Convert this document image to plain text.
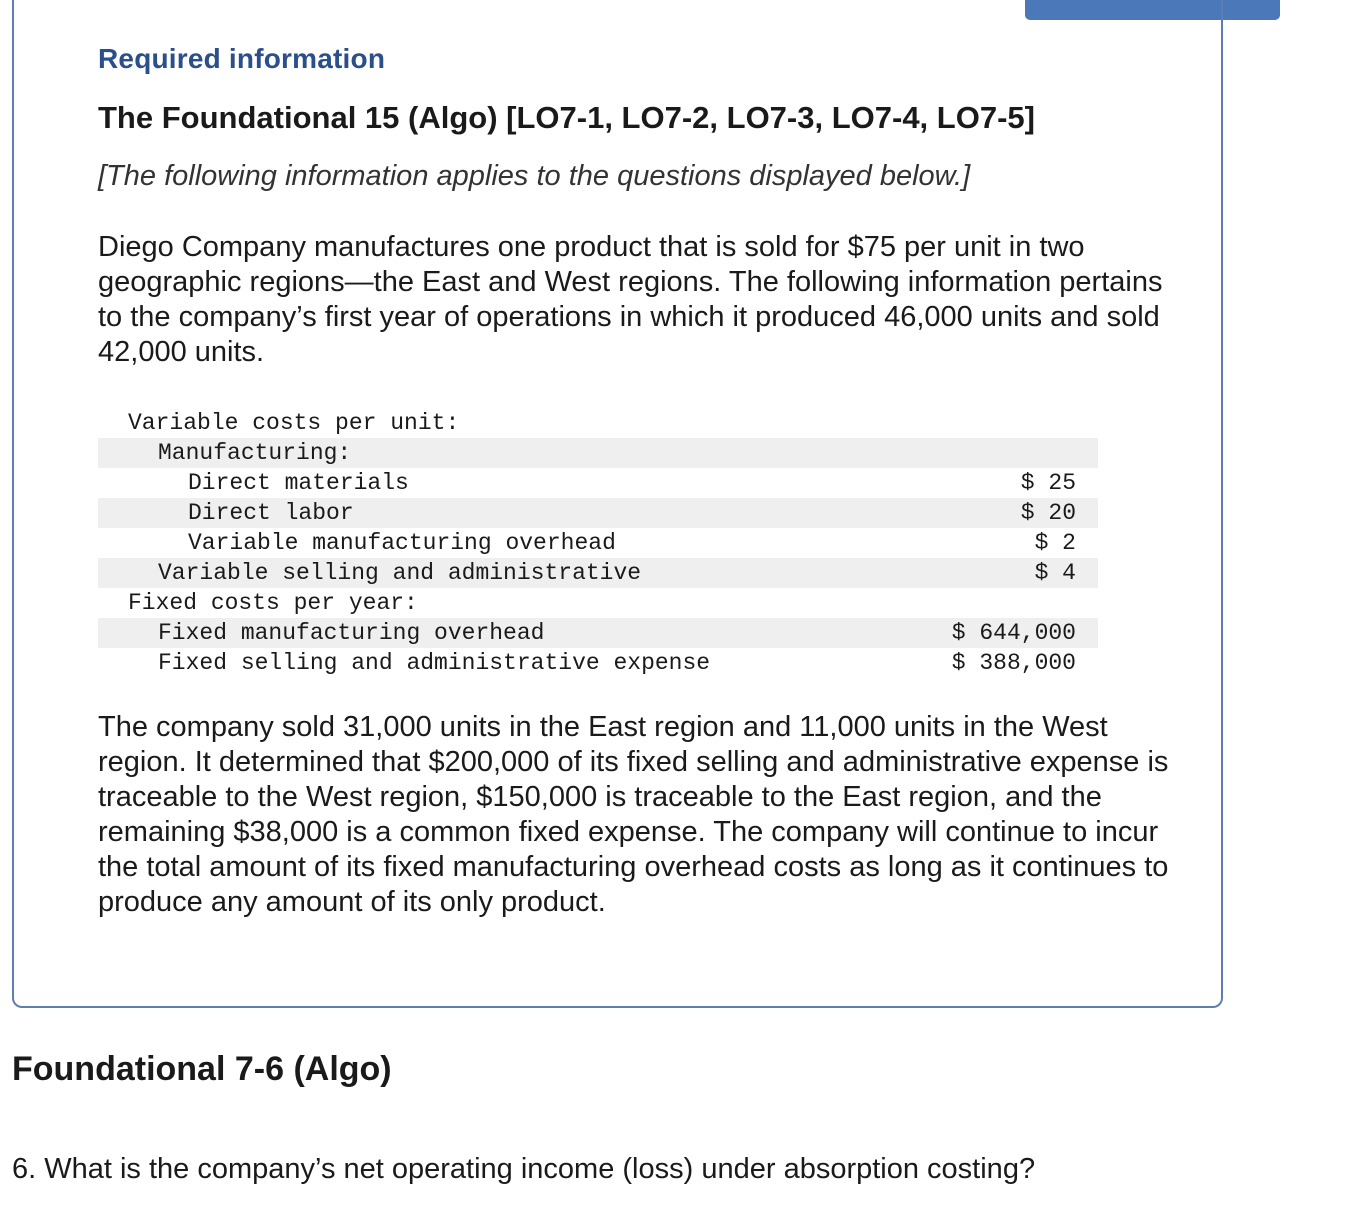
Required information
The Foundational 15 (Algo) [LO7-1, LO7-2, LO7-3, LO7-4, LO7-5]
[The following information applies to the questions displayed below.]
Diego Company manufactures one product that is sold for $75 per unit in two geographic regions—the East and West regions. The following information pertains to the company’s first year of operations in which it produced 46,000 units and sold 42,000 units.
Variable costs per unit:
Manufacturing:
Direct materials	$ 25
Direct labor	$ 20
Variable manufacturing overhead	$ 2
Variable selling and administrative	$ 4
Fixed costs per year:
Fixed manufacturing overhead	$ 644,000
Fixed selling and administrative expense	$ 388,000
The company sold 31,000 units in the East region and 11,000 units in the West region. It determined that $200,000 of its fixed selling and administrative expense is traceable to the West region, $150,000 is traceable to the East region, and the remaining $38,000 is a common fixed expense. The company will continue to incur the total amount of its fixed manufacturing overhead costs as long as it continues to produce any amount of its only product.
Foundational 7-6 (Algo)
6. What is the company’s net operating income (loss) under absorption costing?
